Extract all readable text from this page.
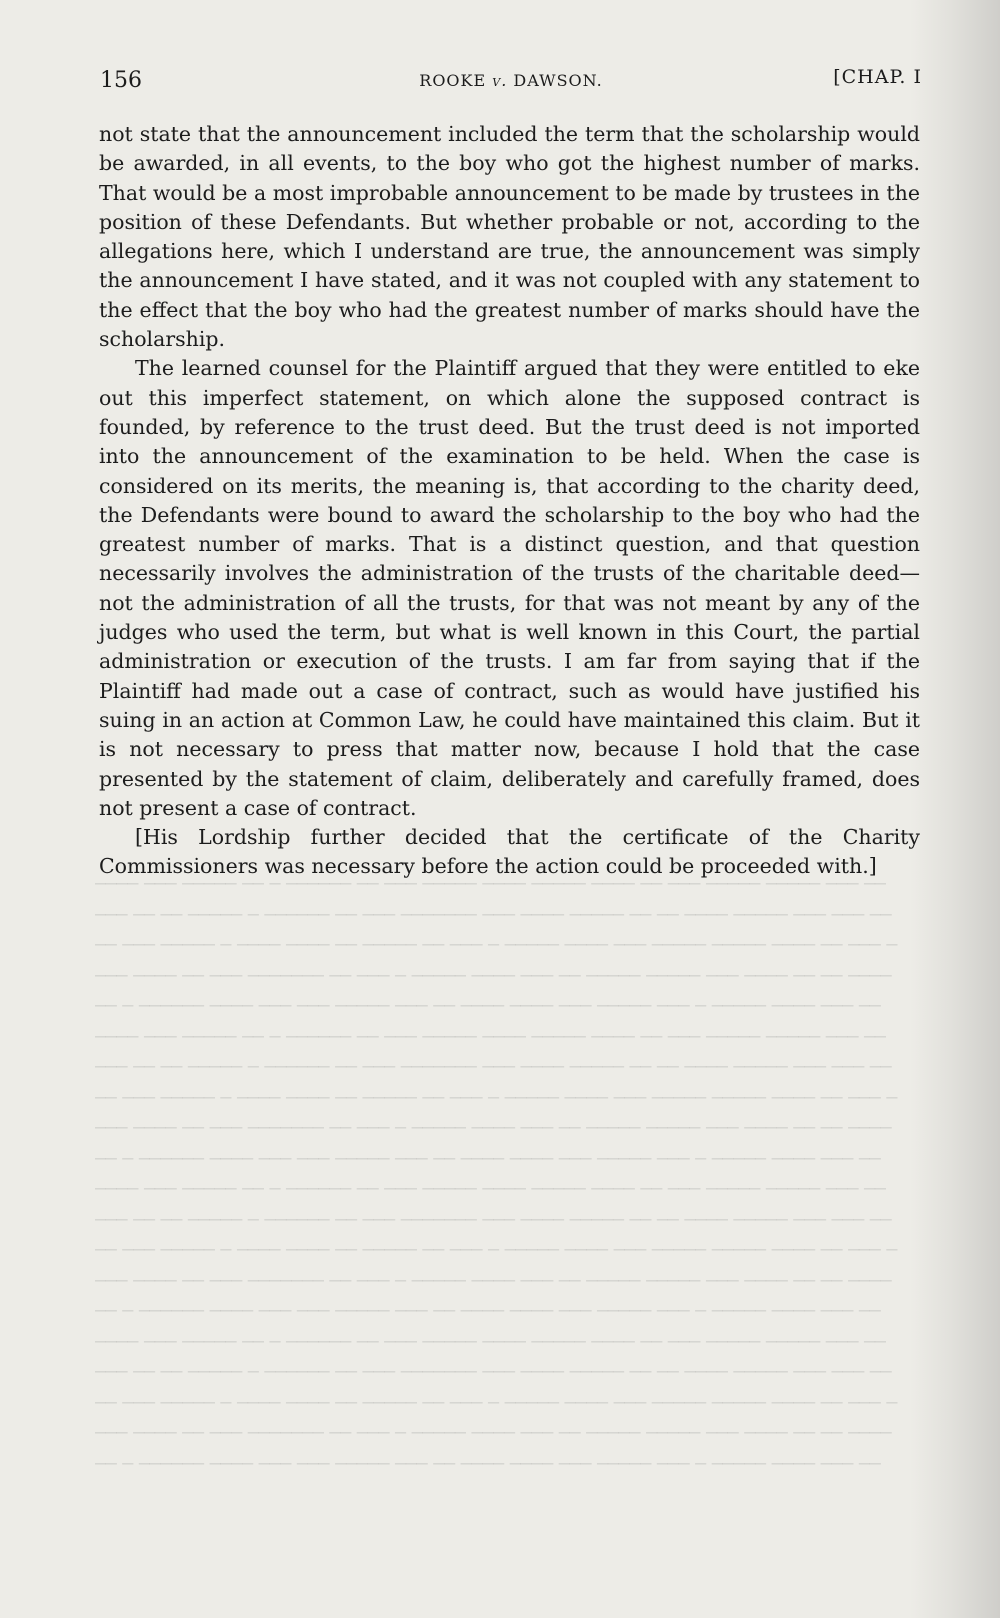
──── ─── ───── ── ─ ────── ── ─── ───── ──── ───── ──── ── ─── ───── ───── ─── ──
─── ── ── ───── ─ ────── ── ─── ─────── ─── ──── ───── ── ── ──── ───── ─── ─── ──
── ─── ───── ─ ──── ──── ── ───── ── ─── ─ ───── ──── ─── ───── ───── ──── ── ─── ─
─── ──── ── ─── ─────── ── ─── ─ ───── ──── ─── ── ───── ───── ─── ──── ── ── ────
── ─ ────── ──── ─── ─── ───── ─── ── ──── ──── ─── ───── ─── ─ ───── ──── ─── ──
──── ─── ───── ── ─ ────── ── ─── ───── ──── ───── ──── ── ─── ───── ───── ─── ──
─── ── ── ───── ─ ────── ── ─── ─────── ─── ──── ───── ── ── ──── ───── ─── ─── ──
── ─── ───── ─ ──── ──── ── ───── ── ─── ─ ───── ──── ─── ───── ───── ──── ── ─── ─
─── ──── ── ─── ─────── ── ─── ─ ───── ──── ─── ── ───── ───── ─── ──── ── ── ────
── ─ ────── ──── ─── ─── ───── ─── ── ──── ──── ─── ───── ─── ─ ───── ──── ─── ──
──── ─── ───── ── ─ ────── ── ─── ───── ──── ───── ──── ── ─── ───── ───── ─── ──
─── ── ── ───── ─ ────── ── ─── ─────── ─── ──── ───── ── ── ──── ───── ─── ─── ──
── ─── ───── ─ ──── ──── ── ───── ── ─── ─ ───── ──── ─── ───── ───── ──── ── ─── ─
─── ──── ── ─── ─────── ── ─── ─ ───── ──── ─── ── ───── ───── ─── ──── ── ── ────
── ─ ────── ──── ─── ─── ───── ─── ── ──── ──── ─── ───── ─── ─ ───── ──── ─── ──
──── ─── ───── ── ─ ────── ── ─── ───── ──── ───── ──── ── ─── ───── ───── ─── ──
─── ── ── ───── ─ ────── ── ─── ─────── ─── ──── ───── ── ── ──── ───── ─── ─── ──
── ─── ───── ─ ──── ──── ── ───── ── ─── ─ ───── ──── ─── ───── ───── ──── ── ─── ─
─── ──── ── ─── ─────── ── ─── ─ ───── ──── ─── ── ───── ───── ─── ──── ── ── ────
── ─ ────── ──── ─── ─── ───── ─── ── ──── ──── ─── ───── ─── ─ ───── ──── ─── ──
156	ROOKE v. DAWSON.	[CHAP. I

not state that the announcement included the term that the scholarship would be awarded, in all events, to the boy who got the highest number of marks. That would be a most improbable announcement to be made by trustees in the position of these Defendants. But whether probable or not, according to the allegations here, which I understand are true, the announcement was simply the announcement I have stated, and it was not coupled with any statement to the effect that the boy who had the greatest number of marks should have the scholarship.

The learned counsel for the Plaintiff argued that they were entitled to eke out this imperfect statement, on which alone the supposed contract is founded, by reference to the trust deed. But the trust deed is not imported into the announcement of the examination to be held. When the case is considered on its merits, the meaning is, that according to the charity deed, the Defendants were bound to award the scholarship to the boy who had the greatest number of marks. That is a distinct question, and that question necessarily involves the administration of the trusts of the charitable deed— not the administration of all the trusts, for that was not meant by any of the judges who used the term, but what is well known in this Court, the partial administration or execution of the trusts. I am far from saying that if the Plaintiff had made out a case of contract, such as would have justified his suing in an action at Common Law, he could have maintained this claim. But it is not necessary to press that matter now, because I hold that the case presented by the statement of claim, deliberately and carefully framed, does not present a case of contract.

[His Lordship further decided that the certificate of the Charity Commissioners was necessary before the action could be proceeded with.]
